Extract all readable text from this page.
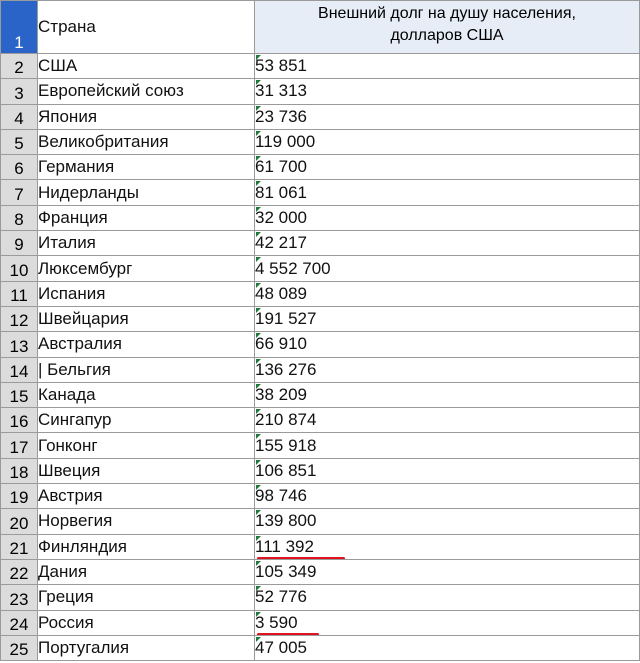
1	Страна	Внешний долг на душу населения,
долларов США

2	США	53 851
3	Европейский союз	31 313
4	Япония	23 736
5	Великобритания	119 000
6	Германия	61 700
7	Нидерланды	81 061
8	Франция	32 000
9	Италия	42 217
10	Люксембург	4 552 700
11	Испания	48 089
12	Швейцария	191 527
13	Австралия	66 910
14	| Бельгия	136 276
15	Канада	38 209
16	Сингапур	210 874
17	Гонконг	155 918
18	Швеция	106 851
19	Австрия	98 746
20	Норвегия	139 800
21	Финляндия	111 392

22	Дания	105 349
23	Греция	52 776
24	Россия	3 590

25	Португалия	47 005
